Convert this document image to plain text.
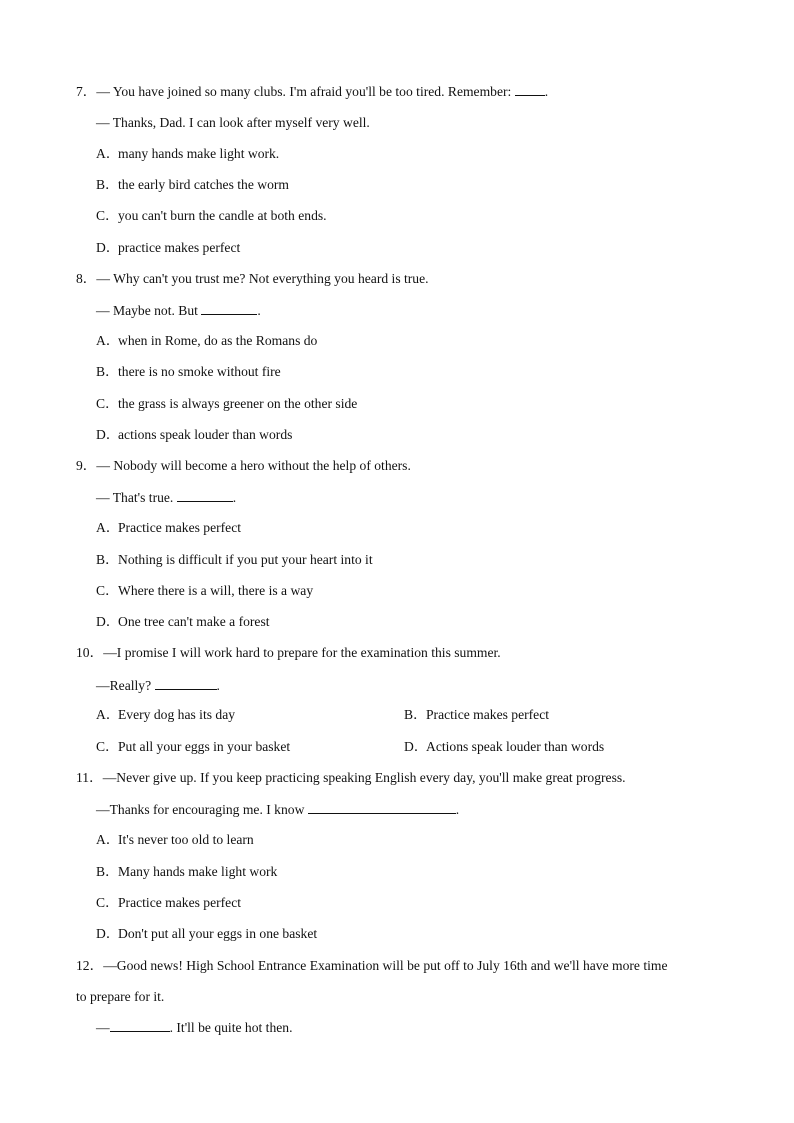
7．— You have joined so many clubs. I'm afraid you'll be too tired. Remember: .
— Thanks, Dad. I can look after myself very well.
A．many hands make light work.
B．the early bird catches the worm
C．you can't burn the candle at both ends.
D．practice makes perfect
8．— Why can't you trust me? Not everything you heard is true.
— Maybe not. But	.
A．when in Rome, do as the Romans do
B．there is no smoke without fire
C．the grass is always greener on the other side
D．actions speak louder than words
9．— Nobody will become a hero without the help of others.
— That's true.	.
A．Practice makes perfect
B．Nothing is difficult if you put your heart into it
C．Where there is a will, there is a way
D．One tree can't make a forest
10．—I promise I will work hard to prepare for the examination this summer.
—Really?	.
A．Every dog has its day	B．Practice makes perfect
C．Put all your eggs in your basket	D．Actions speak louder than words
11．—Never give up. If you keep practicing speaking English every day, you'll make great progress.
—Thanks for encouraging me. I know	.
A．It's never too old to learn
B．Many hands make light work
C．Practice makes perfect
D．Don't put all your eggs in one basket
12．—Good news! High School Entrance Examination will be put off to July 16th and we'll have more time
to prepare for it.
—	. It'll be quite hot then.
